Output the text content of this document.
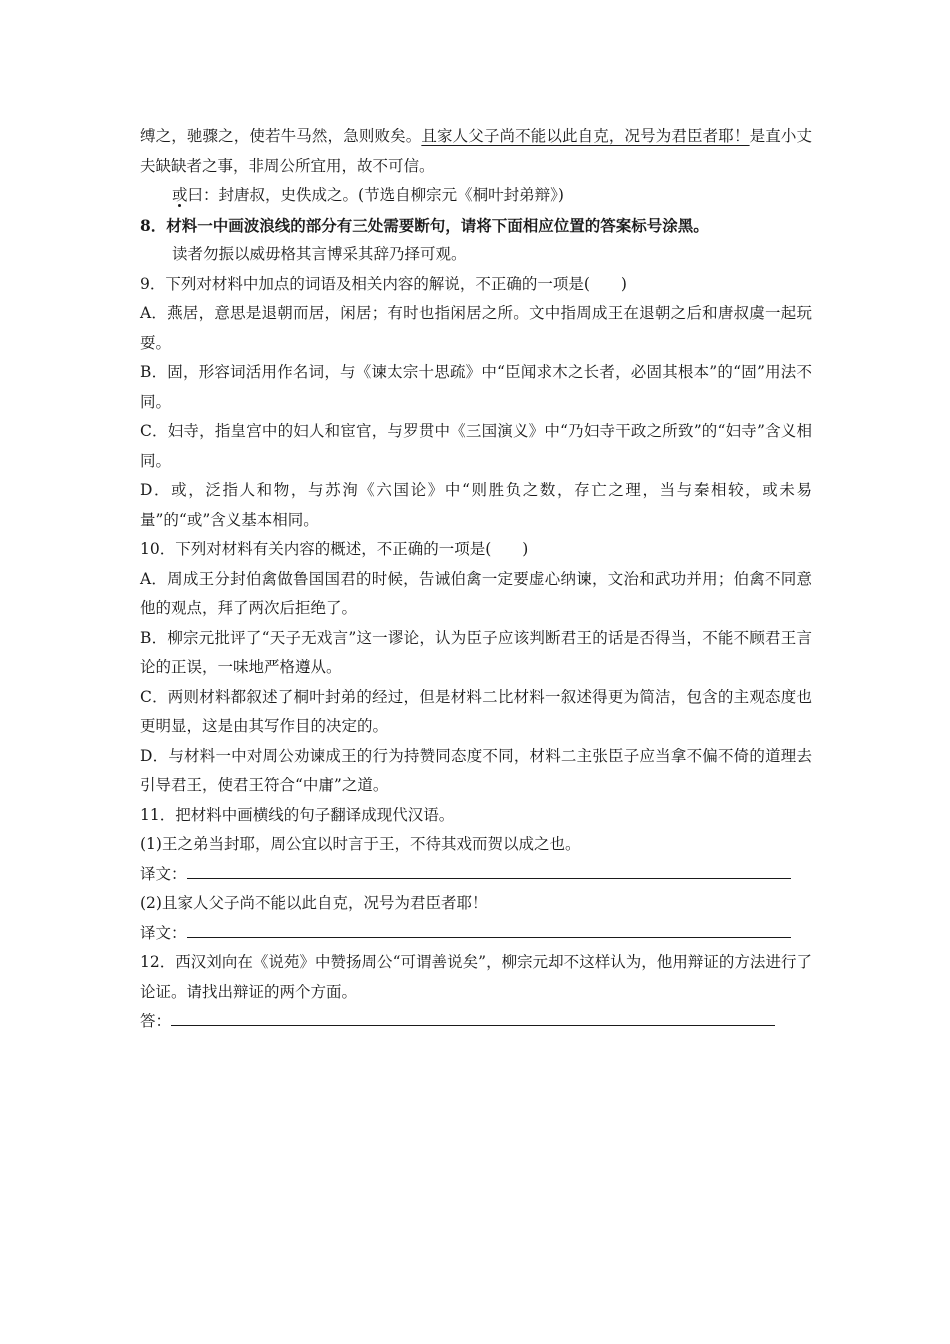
缚之，驰骤之，使若牛马然，急则败矣。且家人父子尚不能以此自克，况号为君臣者耶！是直小丈夫缺缺者之事，非周公所宜用，故不可信。

或曰：封唐叔，史佚成之。(节选自柳宗元《桐叶封弟辩》)

8．材料一中画波浪线的部分有三处需要断句，请将下面相应位置的答案标号涂黑。

读者勿振以威毋格其言博采其辞乃择可观。

9．下列对材料中加点的词语及相关内容的解说，不正确的一项是(　　)

A．燕居，意思是退朝而居，闲居；有时也指闲居之所。文中指周成王在退朝之后和唐叔虞一起玩耍。

B．固，形容词活用作名词，与《谏太宗十思疏》中“臣闻求木之长者，必固其根本”的“固”用法不同。

C．妇寺，指皇宫中的妇人和宦官，与罗贯中《三国演义》中“乃妇寺干政之所致”的“妇寺”含义相同。

D．或，泛指人和物，与苏洵《六国论》中“则胜负之数，存亡之理，当与秦相较，或未易量”的“或”含义基本相同。

10．下列对材料有关内容的概述，不正确的一项是(　　)

A．周成王分封伯禽做鲁国国君的时候，告诫伯禽一定要虚心纳谏，文治和武功并用；伯禽不同意他的观点，拜了两次后拒绝了。

B．柳宗元批评了“天子无戏言”这一谬论，认为臣子应该判断君王的话是否得当，不能不顾君王言论的正误，一味地严格遵从。

C．两则材料都叙述了桐叶封弟的经过，但是材料二比材料一叙述得更为简洁，包含的主观态度也更明显，这是由其写作目的决定的。

D．与材料一中对周公劝谏成王的行为持赞同态度不同，材料二主张臣子应当拿不偏不倚的道理去引导君王，使君王符合“中庸”之道。

11．把材料中画横线的句子翻译成现代汉语。

(1)王之弟当封耶，周公宜以时言于王，不待其戏而贺以成之也。

译文：

(2)且家人父子尚不能以此自克，况号为君臣者耶！

译文：

12．西汉刘向在《说苑》中赞扬周公“可谓善说矣”，柳宗元却不这样认为，他用辩证的方法进行了论证。请找出辩证的两个方面。

答：
